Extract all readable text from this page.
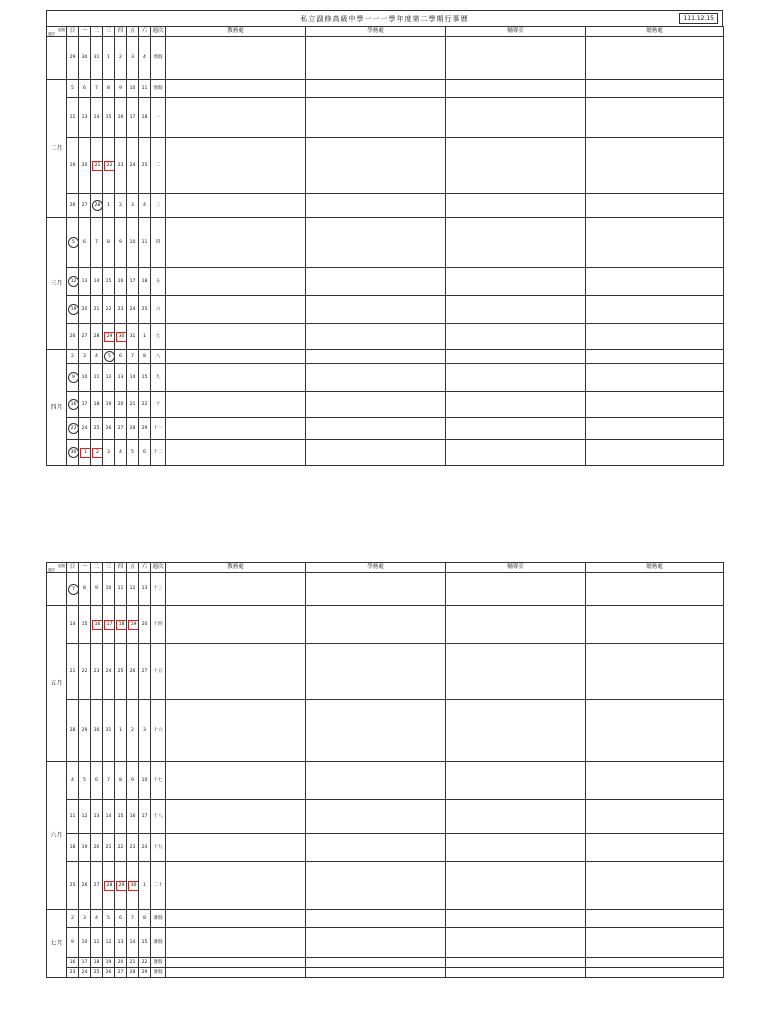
私立副修高級中學一一一學年度第二學期行事曆	111.12.15
星期
週次	日	一	二	三	四	五	六	週次	教務處	學務處	輔導室	總務處
	29	30	31	1	2	3	4	寒假				
二月	5	6	7	8	9	10	11	寒假				
	12	13	14	15	16	17	18	一				
	19	20	21	22	23	24	25	二				
	26	27	28	1	2	3	4	三				
三月	5	6	7	8	9	10	11	四				
	12	13	14	15	16	17	18	五				
	19	20	21	22	23	24	25	六				
	26	27	28	29	30	31	1	七				
四月	2	3	4	5	6	7	8	八				
	9	10	11	12	13	14	15	九				
	16	17	18	19	20	21	22	十				
	23	24	25	26	27	28	29	十一				
	30	1	2	3	4	5	6	十二				
星期
週次	日	一	二	三	四	五	六	週次	教務處	學務處	輔導室	總務處
	7	8	9	10	11	12	13	十三				
五月	14	15	16	17	18	19	20	十四				
	21	22	23	24	25	26	27	十五				
	28	29	30	31	1	2	3	十六				
六月	4	5	6	7	8	9	10	十七				
	11	12	13	14	15	16	17	十八				
	18	19	20	21	22	23	24	十九				
	25	26	27	28	29	30	1	二十				
七月	2	3	4	5	6	7	8	暑假				
	9	10	11	12	13	14	15	暑假				
	16	17	18	19	20	21	22	暑假				
	23	24	25	26	27	28	29	暑假				
